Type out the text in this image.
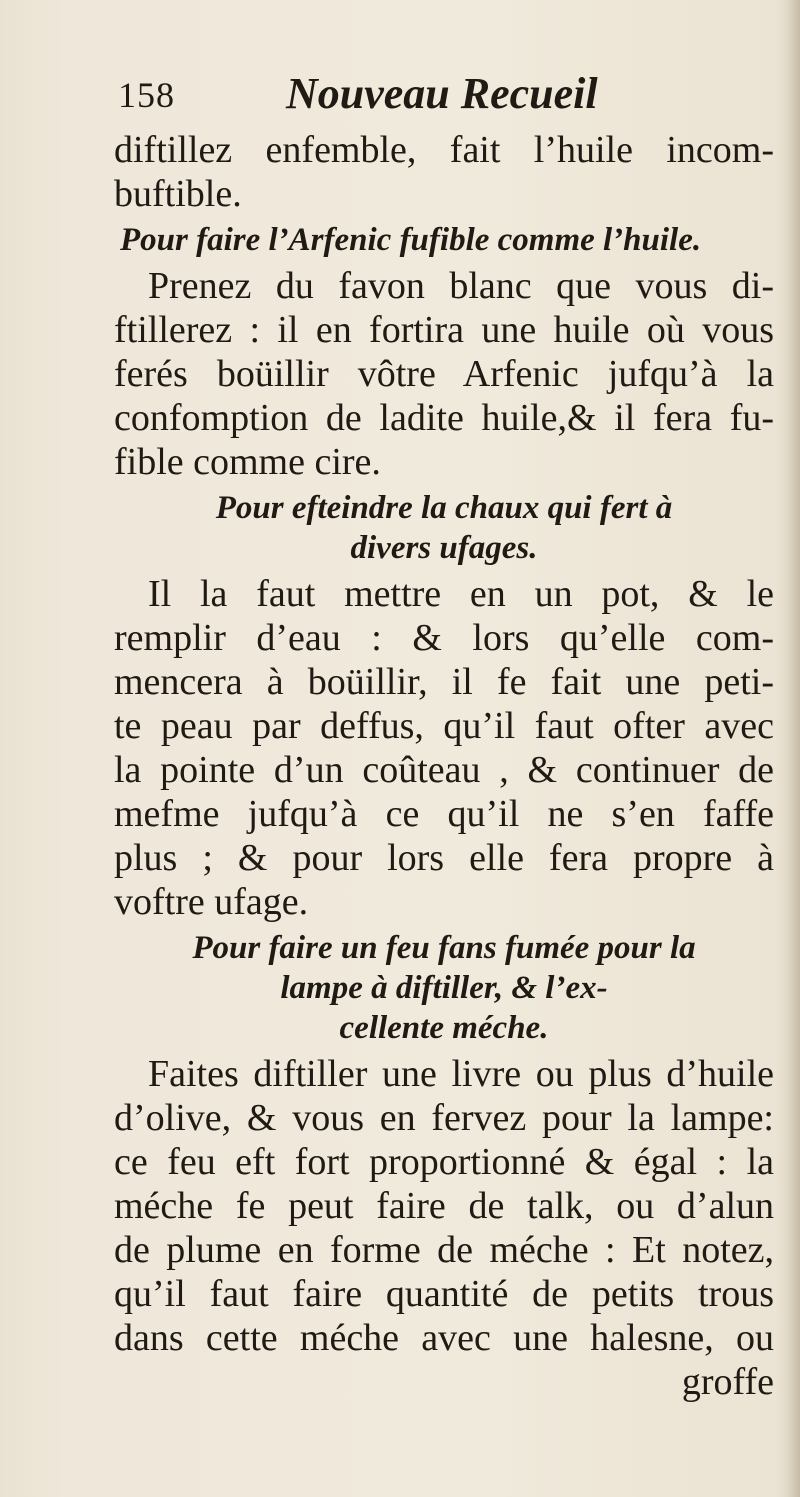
158	Nouveau Recueil
diftillez enfemble, fait l’huile incom-
buftible.
Pour faire l’Arfenic fufible comme l’huile.
Prenez du favon blanc que vous di-
ftillerez : il en fortira une huile où vous
ferés boüillir vôtre Arfenic jufqu’à la
confomption de ladite huile,& il fera fu-
fible comme cire.
Pour efteindre la chaux qui fert à
divers ufages.
Il la faut mettre en un pot, & le
remplir d’eau : & lors qu’elle com-
mencera à boüillir, il fe fait une peti-
te peau par deffus, qu’il faut ofter avec
la pointe d’un coûteau , & continuer de
mefme jufqu’à ce qu’il ne s’en faffe
plus ; & pour lors elle fera propre à
voftre ufage.
Pour faire un feu fans fumée pour la
lampe à diftiller, & l’ex-
cellente méche.
Faites diftiller une livre ou plus d’huile
d’olive, & vous en fervez pour la lampe:
ce feu eft fort proportionné & égal : la
méche fe peut faire de talk, ou d’alun
de plume en forme de méche : Et notez,
qu’il faut faire quantité de petits trous
dans cette méche avec une halesne, ou
groffe
